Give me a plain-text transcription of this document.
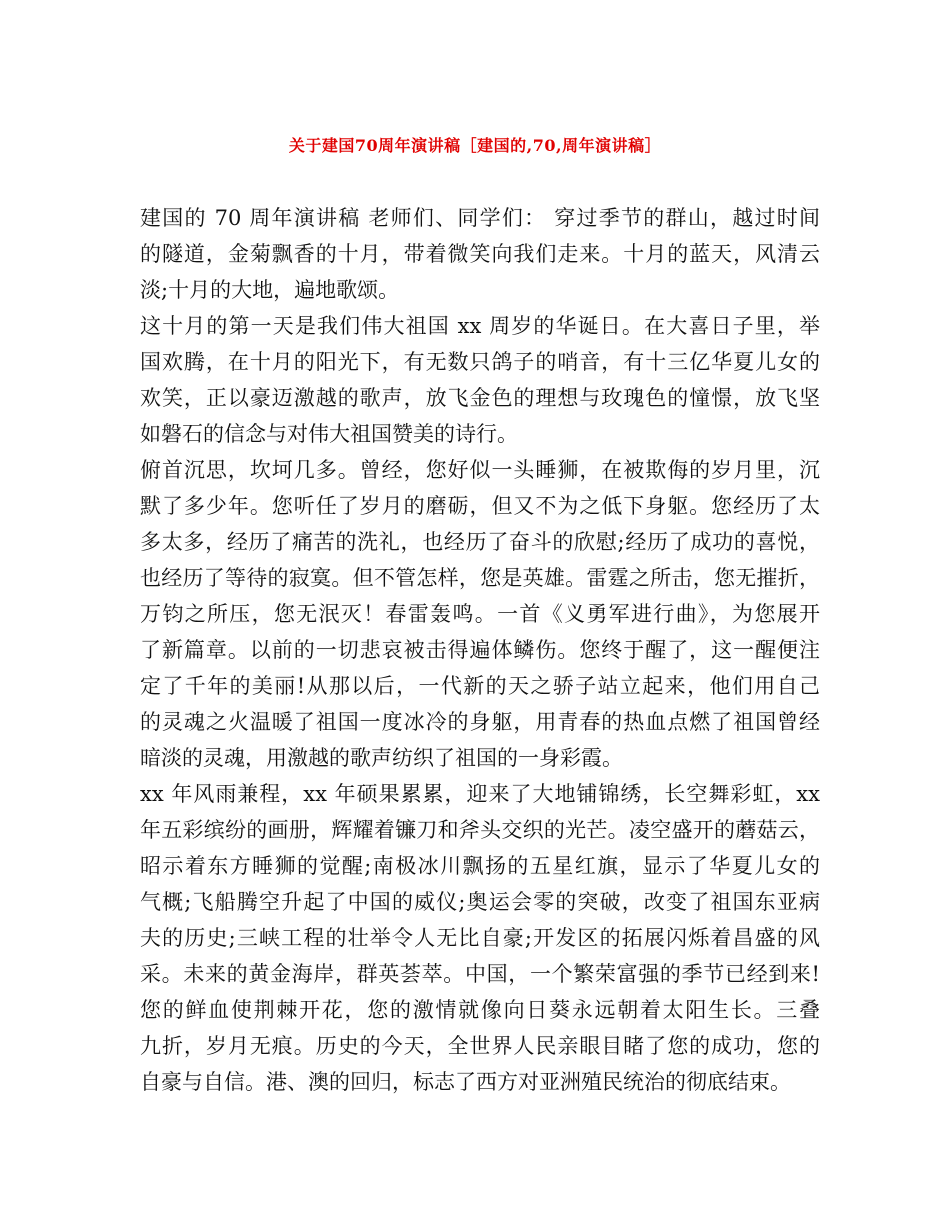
关于建国70周年演讲稿［建国的,70,周年演讲稿］
建国的 70 周年演讲稿 老师们、同学们： 穿过季节的群山，越过时间
的隧道，金菊飘香的十月，带着微笑向我们走来。十月的蓝天，风清云
淡;十月的大地，遍地歌颂。
这十月的第一天是我们伟大祖国 xx 周岁的华诞日。在大喜日子里，举
国欢腾，在十月的阳光下，有无数只鸽子的哨音，有十三亿华夏儿女的
欢笑，正以豪迈激越的歌声，放飞金色的理想与玫瑰色的憧憬，放飞坚
如磐石的信念与对伟大祖国赞美的诗行。
俯首沉思，坎坷几多。曾经，您好似一头睡狮，在被欺侮的岁月里，沉
默了多少年。您听任了岁月的磨砺，但又不为之低下身躯。您经历了太
多太多，经历了痛苦的洗礼，也经历了奋斗的欣慰;经历了成功的喜悦，
也经历了等待的寂寞。但不管怎样，您是英雄。雷霆之所击，您无摧折，
万钧之所压，您无泯灭！春雷轰鸣。一首《义勇军进行曲》，为您展开
了新篇章。以前的一切悲哀被击得遍体鳞伤。您终于醒了，这一醒便注
定了千年的美丽!从那以后，一代新的天之骄子站立起来，他们用自己
的灵魂之火温暖了祖国一度冰冷的身躯，用青春的热血点燃了祖国曾经
暗淡的灵魂，用激越的歌声纺织了祖国的一身彩霞。
xx 年风雨兼程，xx 年硕果累累，迎来了大地铺锦绣，长空舞彩虹，xx
年五彩缤纷的画册，辉耀着镰刀和斧头交织的光芒。凌空盛开的蘑菇云，
昭示着东方睡狮的觉醒;南极冰川飘扬的五星红旗，显示了华夏儿女的
气概;飞船腾空升起了中国的威仪;奥运会零的突破，改变了祖国东亚病
夫的历史;三峡工程的壮举令人无比自豪;开发区的拓展闪烁着昌盛的风
采。未来的黄金海岸，群英荟萃。中国，一个繁荣富强的季节已经到来!
您的鲜血使荆棘开花，您的激情就像向日葵永远朝着太阳生长。三叠
九折，岁月无痕。历史的今天，全世界人民亲眼目睹了您的成功，您的
自豪与自信。港、澳的回归，标志了西方对亚洲殖民统治的彻底结束。
